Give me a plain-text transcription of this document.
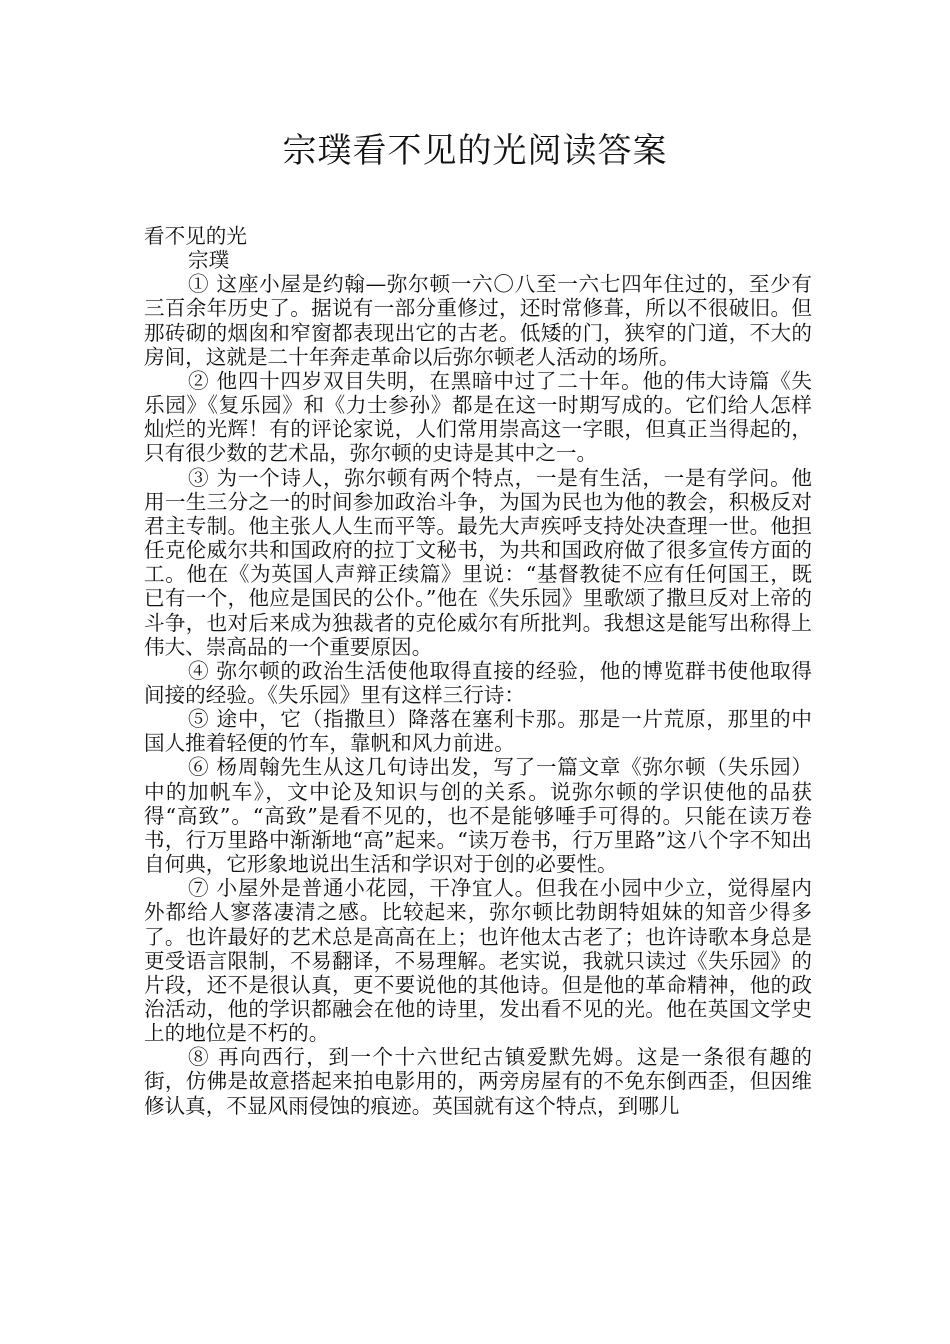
宗璞看不见的光阅读答案

看不见的光

宗璞

① 这座小屋是约翰—弥尔顿一六〇八至一六七四年住过的，至少有三百余年历史了。据说有一部分重修过，还时常修葺，所以不很破旧。但那砖砌的烟囱和窄窗都表现出它的古老。低矮的门，狭窄的门道，不大的房间，这就是二十年奔走革命以后弥尔顿老人活动的场所。

② 他四十四岁双目失明，在黑暗中过了二十年。他的伟大诗篇《失乐园》《复乐园》和《力士参孙》都是在这一时期写成的。它们给人怎样灿烂的光辉！有的评论家说，人们常用崇高这一字眼，但真正当得起的，只有很少数的艺术品，弥尔顿的史诗是其中之一。

③ 为一个诗人，弥尔顿有两个特点，一是有生活，一是有学问。他用一生三分之一的时间参加政治斗争，为国为民也为他的教会，积极反对君主专制。他主张人人生而平等。最先大声疾呼支持处决查理一世。他担任克伦威尔共和国政府的拉丁文秘书，为共和国政府做了很多宣传方面的工。他在《为英国人声辩正续篇》里说：“基督教徒不应有任何国王，既已有一个，他应是国民的公仆。”他在《失乐园》里歌颂了撒旦反对上帝的斗争，也对后来成为独裁者的克伦威尔有所批判。我想这是能写出称得上伟大、崇高品的一个重要原因。

④ 弥尔顿的政治生活使他取得直接的经验，他的博览群书使他取得间接的经验。《失乐园》里有这样三行诗：

⑤ 途中，它（指撒旦）降落在塞利卡那。那是一片荒原，那里的中国人推着轻便的竹车，靠帆和风力前进。

⑥ 杨周翰先生从这几句诗出发，写了一篇文章《弥尔顿（失乐园）中的加帆车》，文中论及知识与创的关系。说弥尔顿的学识使他的品获得“高致”。“高致”是看不见的，也不是能够唾手可得的。只能在读万卷书，行万里路中渐渐地“高”起来。“读万卷书，行万里路”这八个字不知出自何典，它形象地说出生活和学识对于创的必要性。

⑦ 小屋外是普通小花园，干净宜人。但我在小园中少立，觉得屋内外都给人寥落凄清之感。比较起来，弥尔顿比勃朗特姐妹的知音少得多了。也许最好的艺术总是高高在上；也许他太古老了；也许诗歌本身总是更受语言限制，不易翻译，不易理解。老实说，我就只读过《失乐园》的片段，还不是很认真，更不要说他的其他诗。但是他的革命精神，他的政治活动，他的学识都融会在他的诗里，发出看不见的光。他在英国文学史上的地位是不朽的。

⑧ 再向西行，到一个十六世纪古镇爱默先姆。这是一条很有趣的街，仿佛是故意搭起来拍电影用的，两旁房屋有的不免东倒西歪，但因维修认真，不显风雨侵蚀的痕迹。英国就有这个特点，到哪儿
